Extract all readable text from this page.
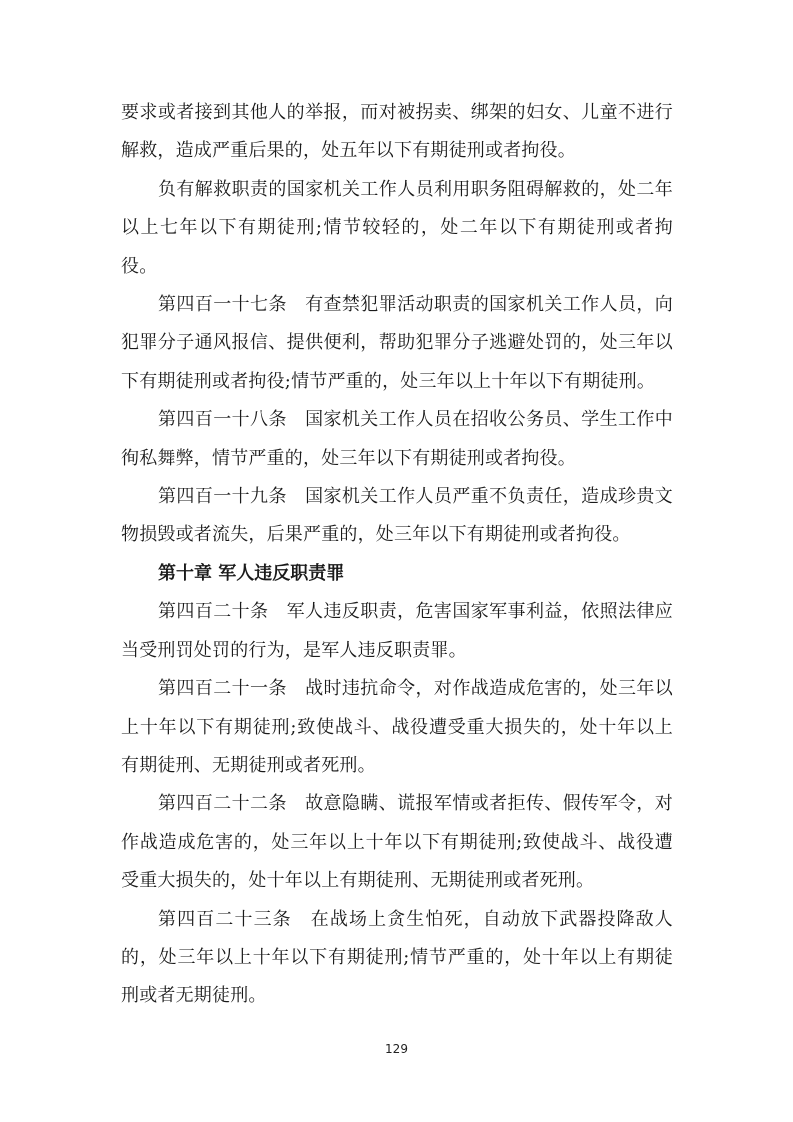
要求或者接到其他人的举报，而对被拐卖、绑架的妇女、儿童不进行解救，造成严重后果的，处五年以下有期徒刑或者拘役。

负有解救职责的国家机关工作人员利用职务阻碍解救的，处二年以上七年以下有期徒刑;情节较轻的，处二年以下有期徒刑或者拘役。

第四百一十七条 有查禁犯罪活动职责的国家机关工作人员，向犯罪分子通风报信、提供便利，帮助犯罪分子逃避处罚的，处三年以下有期徒刑或者拘役;情节严重的，处三年以上十年以下有期徒刑。

第四百一十八条 国家机关工作人员在招收公务员、学生工作中徇私舞弊，情节严重的，处三年以下有期徒刑或者拘役。

第四百一十九条 国家机关工作人员严重不负责任，造成珍贵文物损毁或者流失，后果严重的，处三年以下有期徒刑或者拘役。

第十章 军人违反职责罪

第四百二十条 军人违反职责，危害国家军事利益，依照法律应当受刑罚处罚的行为，是军人违反职责罪。

第四百二十一条 战时违抗命令，对作战造成危害的，处三年以上十年以下有期徒刑;致使战斗、战役遭受重大损失的，处十年以上有期徒刑、无期徒刑或者死刑。

第四百二十二条 故意隐瞒、谎报军情或者拒传、假传军令，对作战造成危害的，处三年以上十年以下有期徒刑;致使战斗、战役遭受重大损失的，处十年以上有期徒刑、无期徒刑或者死刑。

第四百二十三条 在战场上贪生怕死，自动放下武器投降敌人的，处三年以上十年以下有期徒刑;情节严重的，处十年以上有期徒刑或者无期徒刑。

129
